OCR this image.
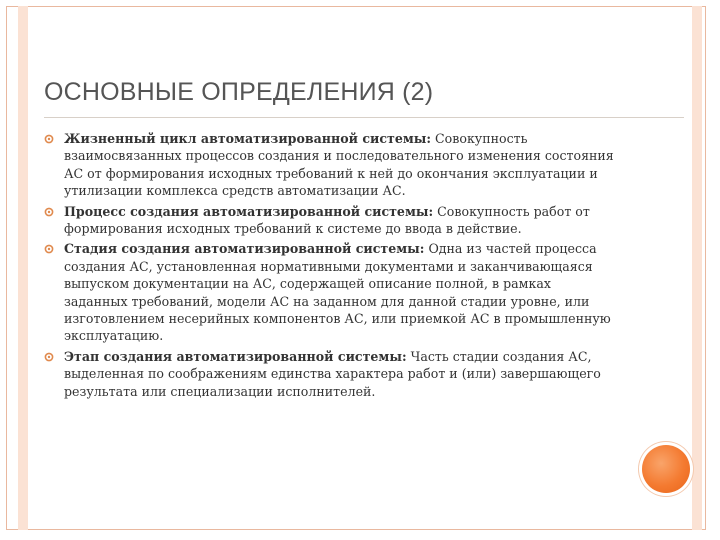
ОСНОВНЫЕ ОПРЕДЕЛЕНИЯ (2)
Жизненный цикл автоматизированной системы: Совокупность взаимосвязанных процессов создания и последовательного изменения состояния АС от формирования исходных требований к ней до окончания эксплуатации и утилизации комплекса средств автоматизации АС.
Процесс создания автоматизированной системы: Совокупность работ от формирования исходных требований к системе до ввода в действие.
Стадия создания автоматизированной системы: Одна из частей процесса создания АС, установленная нормативными документами и заканчивающаяся выпуском документации на АС, содержащей описание полной, в рамках заданных требований, модели АС на заданном для данной стадии уровне, или изготовлением несерийных компонентов АС, или приемкой АС в промышленную эксплуатацию.
Этап создания автоматизированной системы: Часть стадии создания АС, выделенная по соображениям единства характера работ и (или) завершающего результата или специализации исполнителей.
